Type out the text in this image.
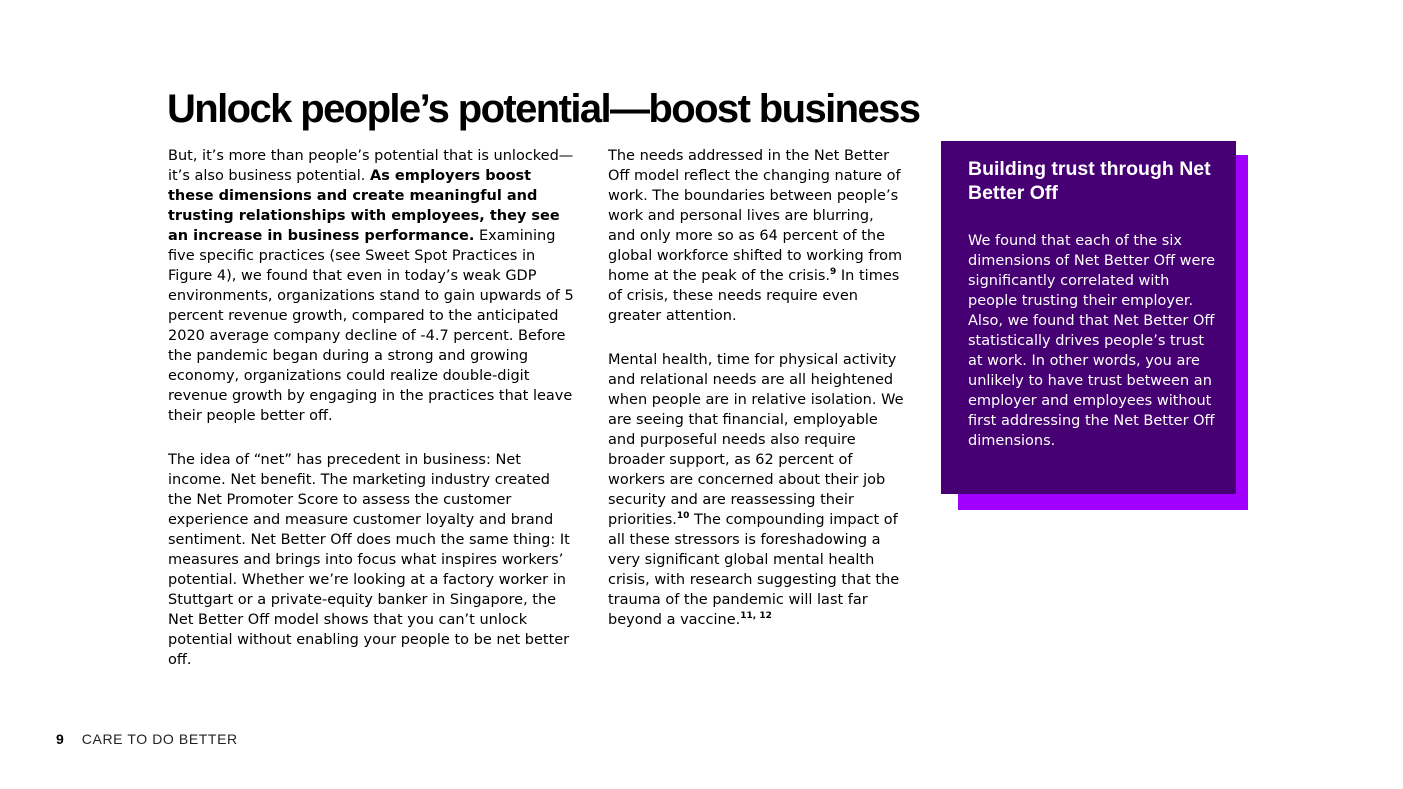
Unlock people’s potential—boost business

But, it’s more than people’s potential that is unlocked—it’s also business potential. As employers boost these dimensions and create meaningful and trusting relationships with employees, they see an increase in business performance. Examining five specific practices (see Sweet Spot Practices in Figure 4), we found that even in today’s weak GDP environments, organizations stand to gain upwards of 5 percent revenue growth, compared to the anticipated 2020 average company decline of -4.7 percent. Before the pandemic began during a strong and growing economy, organizations could realize double-digit revenue growth by engaging in the practices that leave their people better off.

The idea of “net” has precedent in business: Net income. Net benefit. The marketing industry created the Net Promoter Score to assess the customer experience and measure customer loyalty and brand sentiment. Net Better Off does much the same thing: It measures and brings into focus what inspires workers’ potential. Whether we’re looking at a factory worker in Stuttgart or a private-equity banker in Singapore, the Net Better Off model shows that you can’t unlock potential without enabling your people to be net better off.

The needs addressed in the Net Better Off model reflect the changing nature of work. The boundaries between people’s work and personal lives are blurring, and only more so as 64 percent of the global workforce shifted to working from home at the peak of the crisis.$^9$ In times of crisis, these needs require even greater attention.

Mental health, time for physical activity and relational needs are all heightened when people are in relative isolation. We are seeing that financial, employable and purposeful needs also require broader support, as 62 percent of workers are concerned about their job security and are reassessing their priorities.$^{10}$ The compounding impact of all these stressors is foreshadowing a very significant global mental health crisis, with research suggesting that the trauma of the pandemic will last far beyond a vaccine.$^{11, 12}$

Building trust through Net Better Off

We found that each of the six dimensions of Net Better Off were significantly correlated with people trusting their employer. Also, we found that Net Better Off statistically drives people’s trust at work. In other words, you are unlikely to have trust between an employer and employees without first addressing the Net Better Off dimensions.

9 CARE TO DO BETTER
